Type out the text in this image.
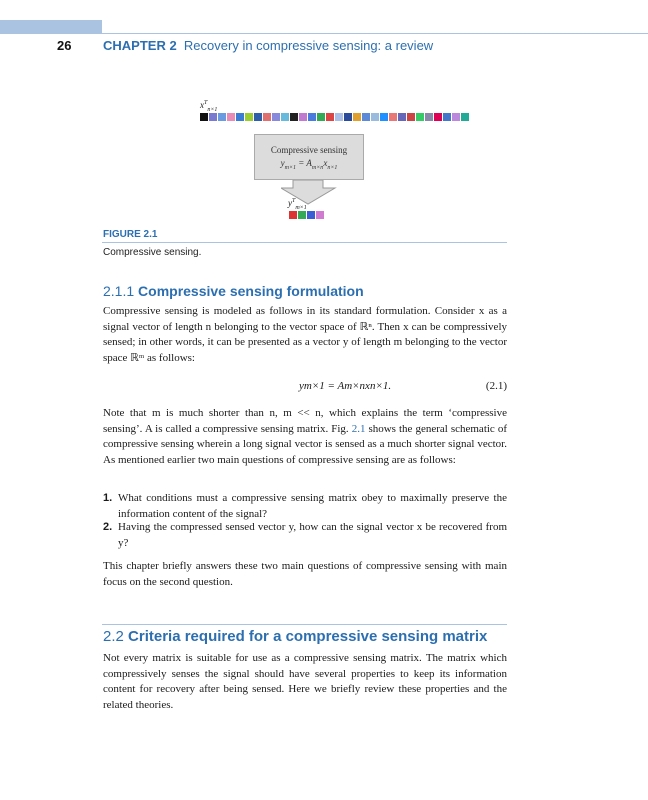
26 CHAPTER 2 Recovery in compressive sensing: a review
$x^T_{n\times 1}$
Compressive sensing
$y_{m\times 1} = A_{m\times n}x_{n\times 1}$
$y^T_{m\times 1}$
FIGURE 2.1
Compressive sensing.
2.1.1 Compressive sensing formulation
Compressive sensing is modeled as follows in its standard formulation. Consider x as a signal vector of length n belonging to the vector space of ℝⁿ. Then x can be compressively sensed; in other words, it can be presented as a vector y of length m belonging to the vector space ℝᵐ as follows:
ym×1 = Am×nxn×1.	(2.1)
Note that m is much shorter than n, m << n, which explains the term ‘compressive sensing’. A is called a compressive sensing matrix. Fig. 2.1 shows the general schematic of compressive sensing wherein a long signal vector is sensed as a much shorter signal vector. As mentioned earlier two main questions of compressive sensing are as follows:
1. What conditions must a compressive sensing matrix obey to maximally preserve the information content of the signal?
2. Having the compressed sensed vector y, how can the signal vector x be recovered from y?
This chapter briefly answers these two main questions of compressive sensing with main focus on the second question.
2.2 Criteria required for a compressive sensing matrix
Not every matrix is suitable for use as a compressive sensing matrix. The matrix which compressively senses the signal should have several properties to keep its information content for recovery after being sensed. Here we briefly review these properties and the related theories.
